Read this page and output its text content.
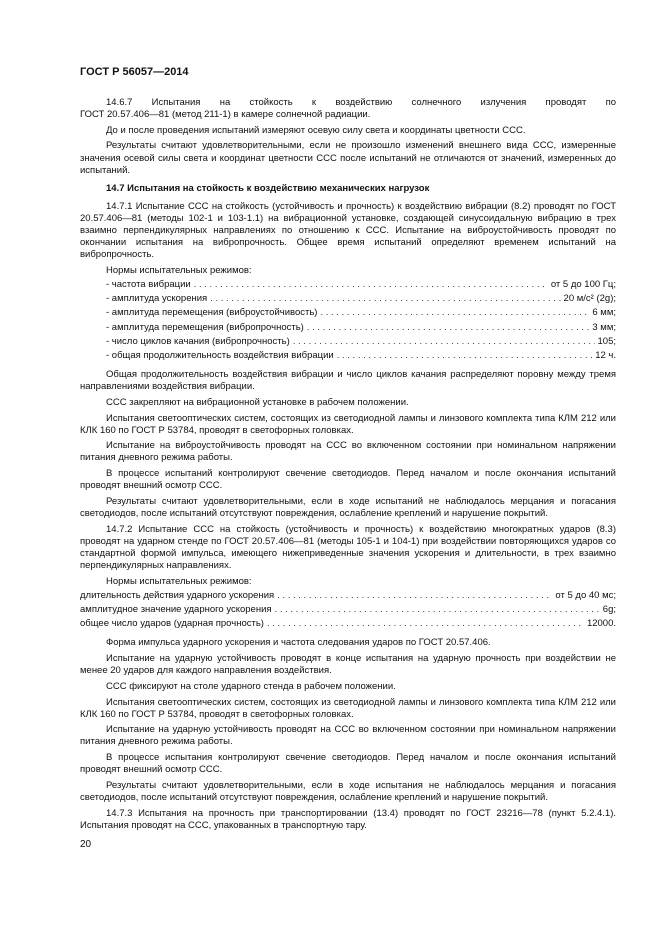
ГОСТ Р 56057—2014

14.6.7 Испытания на стойкость к воздействию солнечного излучения проводят по

ГОСТ 20.57.406—81 (метод 211-1) в камере солнечной радиации.

До и после проведения испытаний измеряют осевую силу света и координаты цветности ССС.

Результаты считают удовлетворительными, если не произошло изменений внешнего вида ССС, измеренные значения осевой силы света и координат цветности ССС после испытаний не отличаются от значений, измеренных до испытаний.

14.7 Испытания на стойкость к воздействию механических нагрузок

14.7.1 Испытание ССС на стойкость (устойчивость и прочность) к воздействию вибрации (8.2) проводят по ГОСТ 20.57.406—81 (методы 102-1 и 103-1.1) на вибрационной установке, создающей синусоидальную вибрацию в трех взаимно перпендикулярных направлениях по отношению к ССС. Испытание на виброустойчивость проводят по окончании испытания на вибропрочность. Общее время испытаний определяют временем испытаний на вибропрочность.

Нормы испытательных режимов:

- частота вибрации . . .	от 5 до 100 Гц;
- амплитуда ускорения . . .	20 м/с² (2g);
- амплитуда перемещения (виброустойчивость) . . .	6 мм;
- амплитуда перемещения (вибропрочность) . . .	3 мм;
- число циклов качания (вибропрочность) . . .	105;
- общая продолжительность воздействия вибрации . . .	12 ч.

Общая продолжительность воздействия вибрации и число циклов качания распределяют поровну между тремя направлениями воздействия вибрации.

ССС закрепляют на вибрационной установке в рабочем положении.

Испытания светооптических систем, состоящих из светодиодной лампы и линзового комплекта типа КЛМ 212 или КЛК 160 по ГОСТ Р 53784, проводят в светофорных головках.

Испытание на виброустойчивость проводят на ССС во включенном состоянии при номинальном напряжении питания дневного режима работы.

В процессе испытаний контролируют свечение светодиодов. Перед началом и после окончания испытаний проводят внешний осмотр ССС.

Результаты считают удовлетворительными, если в ходе испытаний не наблюдалось мерцания и погасания светодиодов, после испытаний отсутствуют повреждения, ослабление креплений и нарушение покрытий.

14.7.2 Испытание ССС на стойкость (устойчивость и прочность) к воздействию многократных ударов (8.3) проводят на ударном стенде по ГОСТ 20.57.406—81 (методы 105-1 и 104-1) при воздействии повторяющихся ударов со стандартной формой импульса, имеющего нижеприведенные значения ускорения и длительности, в трех взаимно перпендикулярных направлениях.

Нормы испытательных режимов:

длительность действия ударного ускорения . . .	от 5 до 40 мс;
амплитудное значение ударного ускорения . . .	6g;
общее число ударов (ударная прочность) . . .	12000.

Форма импульса ударного ускорения и частота следования ударов по ГОСТ 20.57.406.

Испытание на ударную устойчивость проводят в конце испытания на ударную прочность при воздействии не менее 20 ударов для каждого направления воздействия.

ССС фиксируют на столе ударного стенда в рабочем положении.

Испытания светооптических систем, состоящих из светодиодной лампы и линзового комплекта типа КЛМ 212 или КЛК 160 по ГОСТ Р 53784, проводят в светофорных головках.

Испытание на ударную устойчивость проводят на ССС во включенном состоянии при номинальном напряжении питания дневного режима работы.

В процессе испытания контролируют свечение светодиодов. Перед началом и после окончания испытаний проводят внешний осмотр ССС.

Результаты считают удовлетворительными, если в ходе испытания не наблюдалось мерцания и погасания светодиодов, после испытаний отсутствуют повреждения, ослабление креплений и нарушение покрытий.

14.7.3 Испытания на прочность при транспортировании (13.4) проводят по ГОСТ 23216—78 (пункт 5.2.4.1). Испытания проводят на ССС, упакованных в транспортную тару.

20
